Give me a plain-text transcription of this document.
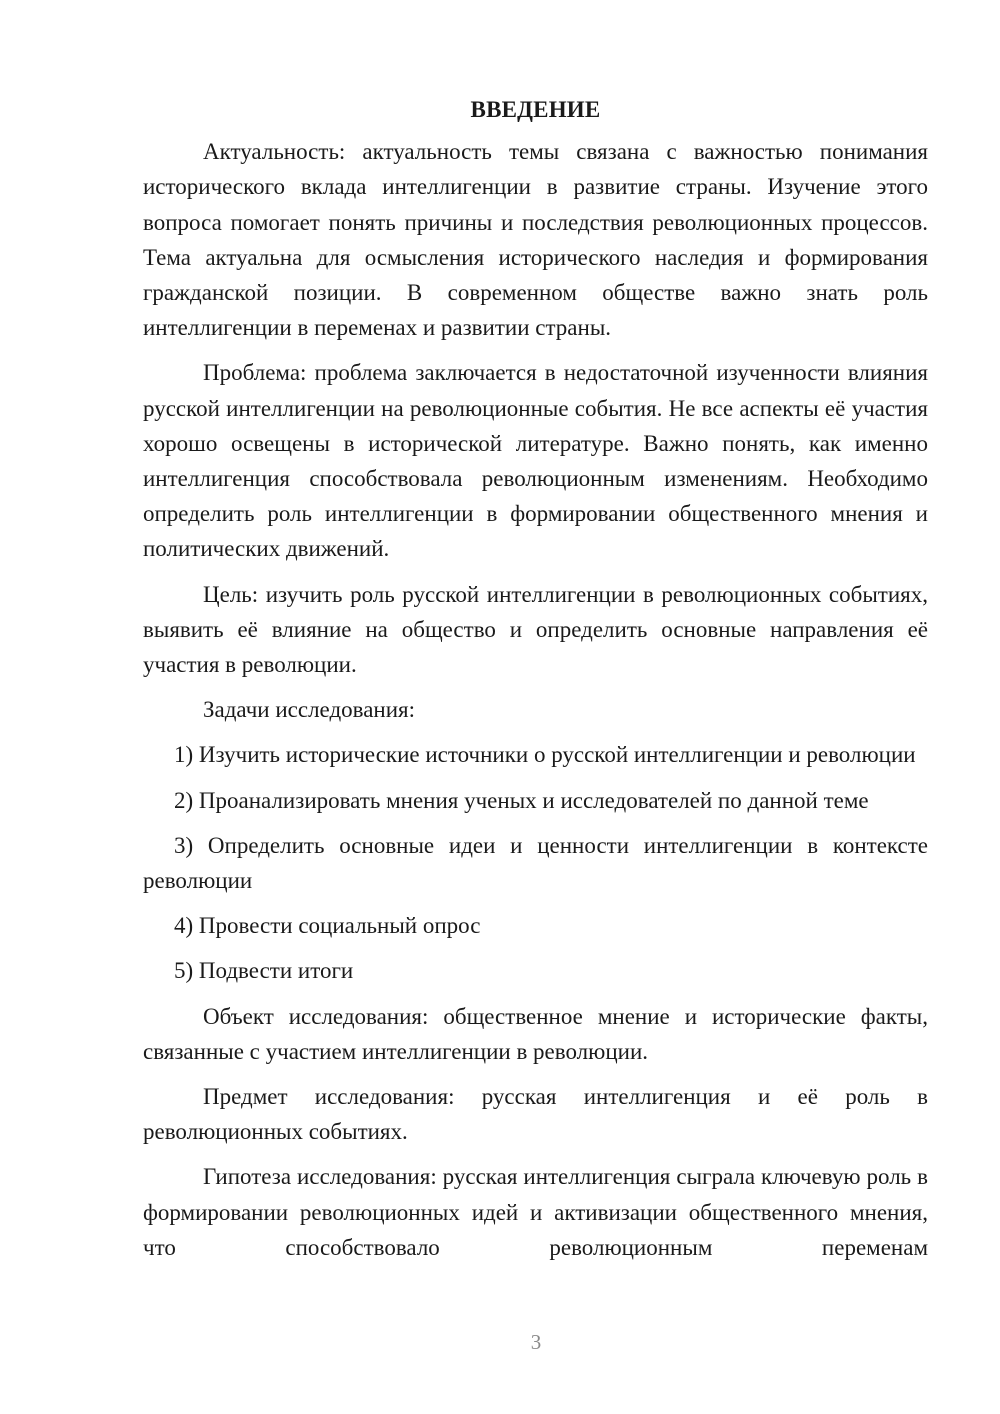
ВВЕДЕНИЕ

Актуальность: актуальность темы связана с важностью понимания исторического вклада интеллигенции в развитие страны. Изучение этого вопроса помогает понять причины и последствия революционных процессов. Тема актуальна для осмысления исторического наследия и формирования гражданской позиции. В современном обществе важно знать роль интеллигенции в переменах и развитии страны.

Проблема: проблема заключается в недостаточной изученности влияния русской интеллигенции на революционные события. Не все аспекты её участия хорошо освещены в исторической литературе. Важно понять, как именно интеллигенция способствовала революционным изменениям. Необходимо определить роль интеллигенции в формировании общественного мнения и политических движений.

Цель: изучить роль русской интеллигенции в революционных событиях, выявить её влияние на общество и определить основные направления её участия в революции.

Задачи исследования:

1) Изучить исторические источники о русской интеллигенции и революции

2) Проанализировать мнения ученых и исследователей по данной теме

3) Определить основные идеи и ценности интеллигенции в контексте революции

4) Провести социальный опрос

5) Подвести итоги

Объект исследования: общественное мнение и исторические факты, связанные с участием интеллигенции в революции.

Предмет исследования: русская интеллигенция и её роль в революционных событиях.

Гипотеза исследования: русская интеллигенция сыграла ключевую роль в формировании революционных идей и активизации общественного мнения, что способствовало революционным переменам

3
